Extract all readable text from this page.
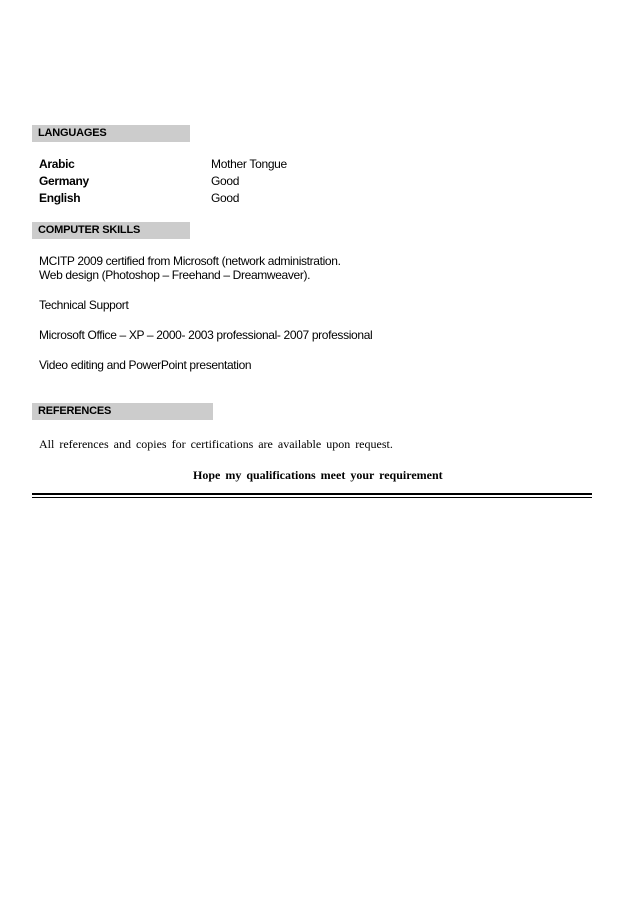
LANGUAGES
Arabic	Mother Tongue
Germany	Good
English	Good
COMPUTER SKILLS
MCITP 2009 certified from Microsoft (network administration.
Web design (Photoshop – Freehand – Dreamweaver).
Technical Support
Microsoft Office – XP – 2000- 2003 professional- 2007 professional
Video editing and PowerPoint presentation
REFERENCES
All references and copies for certifications are available upon request.
Hope my qualifications meet your requirement
